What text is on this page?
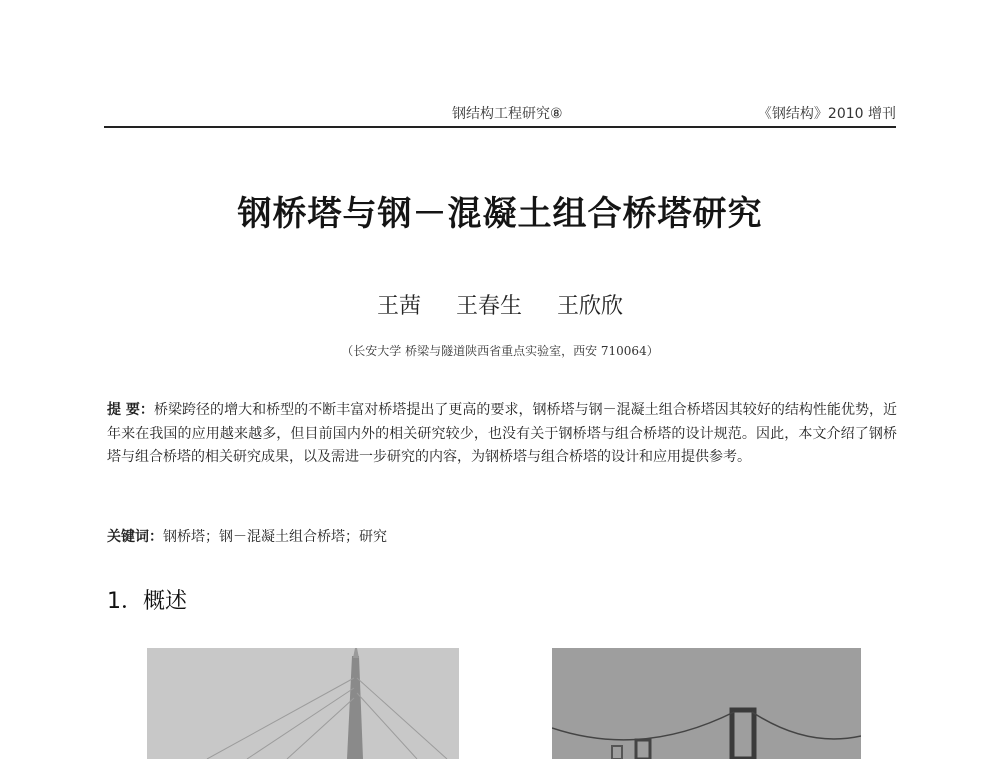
钢结构工程研究⑧	《钢结构》2010 增刊
钢桥塔与钢－混凝土组合桥塔研究
王茜 王春生 王欣欣
（长安大学 桥梁与隧道陕西省重点实验室，西安 710064）
提 要：桥梁跨径的增大和桥型的不断丰富对桥塔提出了更高的要求，钢桥塔与钢－混凝土组合桥塔因其较好的结构性能优势，近年来在我国的应用越来越多，但目前国内外的相关研究较少，也没有关于钢桥塔与组合桥塔的设计规范。因此，本文介绍了钢桥塔与组合桥塔的相关研究成果，以及需进一步研究的内容，为钢桥塔与组合桥塔的设计和应用提供参考。
关键词：钢桥塔；钢－混凝土组合桥塔；研究
1．概述
